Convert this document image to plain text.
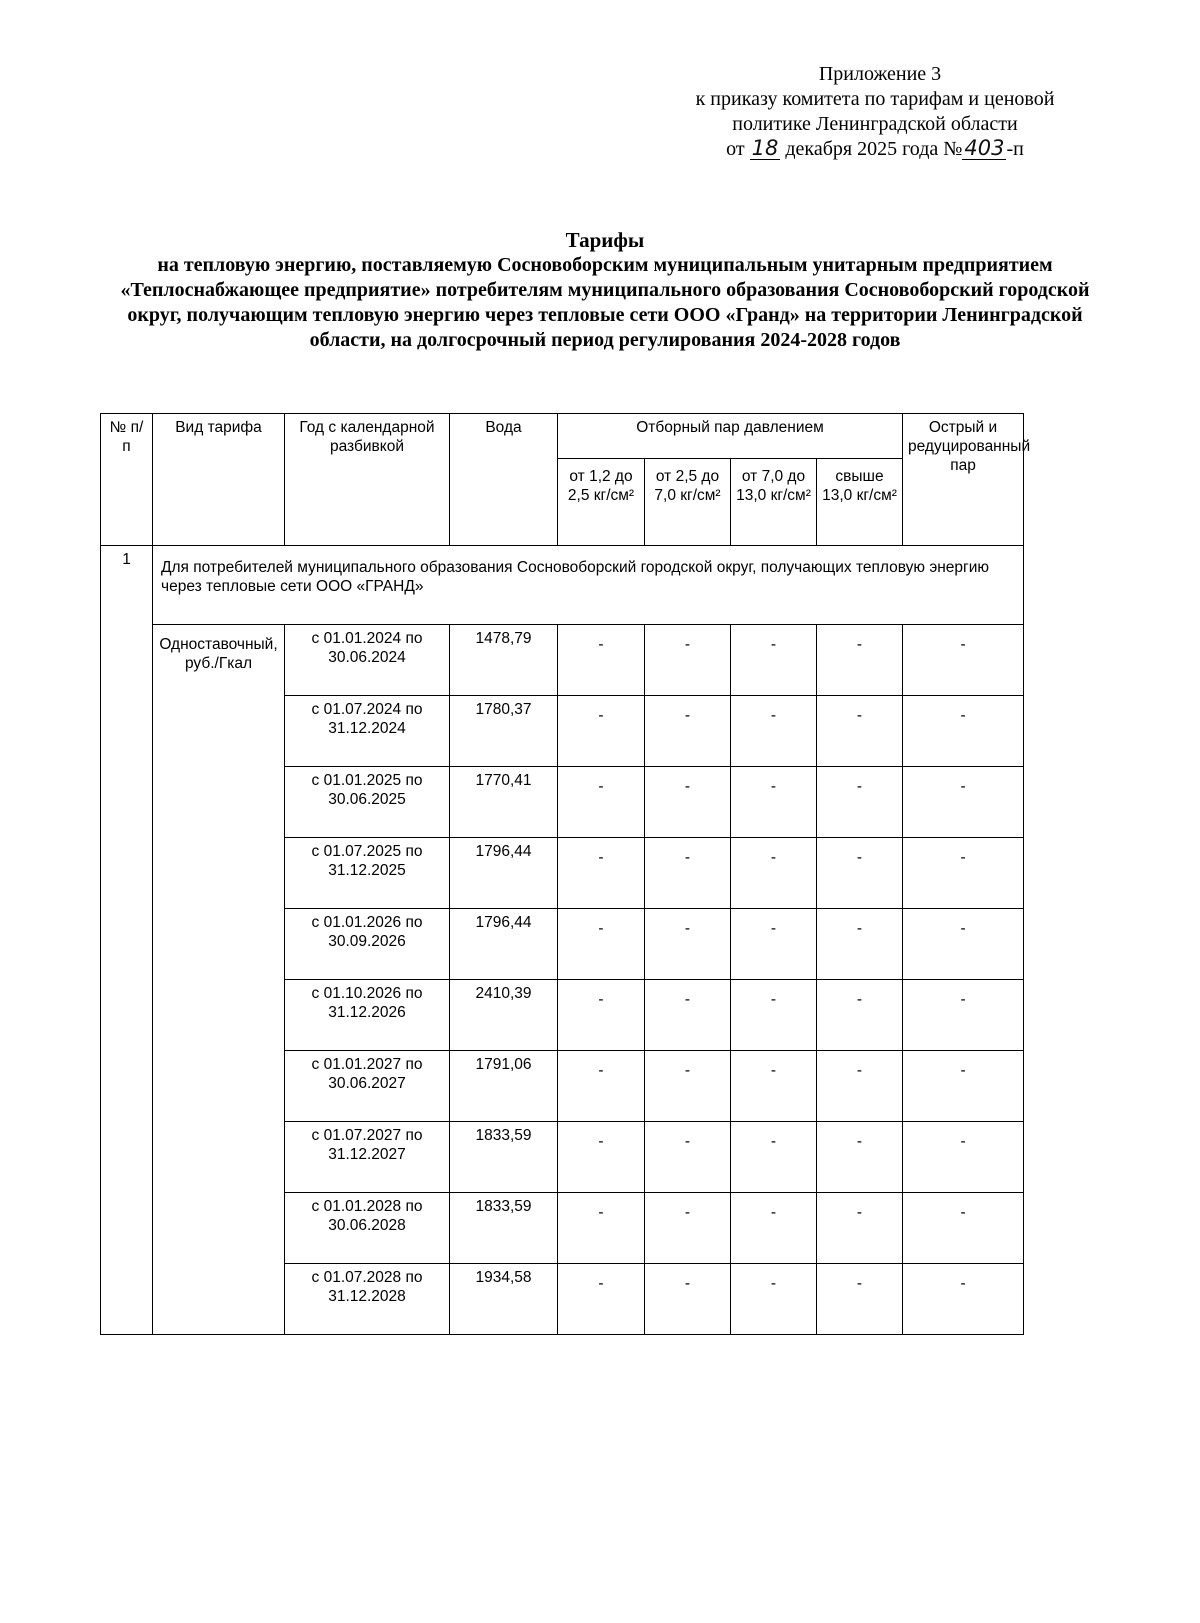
Приложение 3
к приказу комитета по тарифам и ценовой
политике Ленинградской области
от 18 декабря 2025 года №403 -п
Тарифы
на тепловую энергию, поставляемую Сосновоборским муниципальным унитарным предприятием «Теплоснабжающее предприятие» потребителям муниципального образования Сосновоборский городской округ, получающим тепловую энергию через тепловые сети ООО «Гранд» на территории Ленинградской области, на долгосрочный период регулирования 2024-2028 годов
№ п/п	Вид тарифа	Год с календарной разбивкой	Вода	Отборный пар давлением				Острый и редуцированный пар
				от 1,2 до 2,5 кг/см²	от 2,5 до 7,0 кг/см²	от 7,0 до 13,0 кг/см²	свыше 13,0 кг/см²	
1	Для потребителей муниципального образования Сосновоборский городской округ, получающих тепловую энергию через тепловые сети ООО «ГРАНД»							
	Одноставочный, руб./Гкал	с 01.01.2024 по 30.06.2024	1478,79	-	-	-	-	-
		с 01.07.2024 по 31.12.2024	1780,37	-	-	-	-	-
		с 01.01.2025 по 30.06.2025	1770,41	-	-	-	-	-
		с 01.07.2025 по 31.12.2025	1796,44	-	-	-	-	-
		с 01.01.2026 по 30.09.2026	1796,44	-	-	-	-	-
		с 01.10.2026 по 31.12.2026	2410,39	-	-	-	-	-
		с 01.01.2027 по 30.06.2027	1791,06	-	-	-	-	-
		с 01.07.2027 по 31.12.2027	1833,59	-	-	-	-	-
		с 01.01.2028 по 30.06.2028	1833,59	-	-	-	-	-
		с 01.07.2028 по 31.12.2028	1934,58	-	-	-	-	-
